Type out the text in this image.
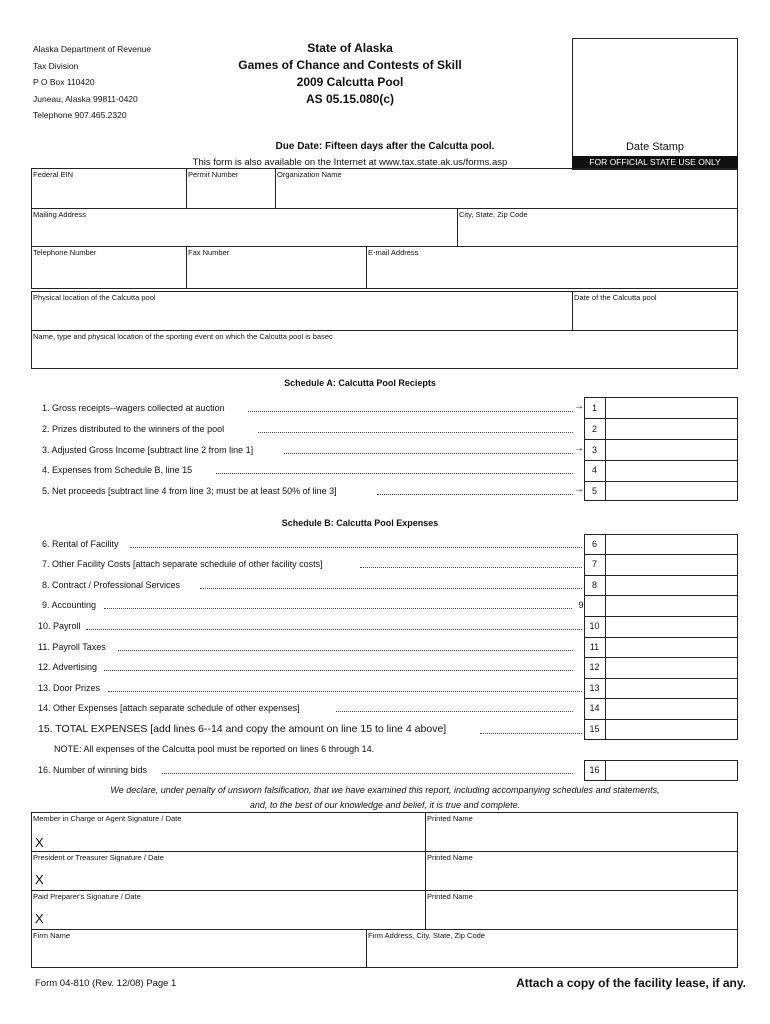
Alaska Department of Revenue
Tax Division
P O Box 110420
Juneau, Alaska 99811-0420
Telephone 907.465.2320
State of Alaska
Games of Chance and Contests of Skill
2009 Calcutta Pool
AS 05.15.080(c)
Date Stamp
FOR OFFICIAL STATE USE ONLY
Due Date: Fifteen days after the Calcutta pool.
This form is also available on the Internet at www.tax.state.ak.us/forms.asp
Federal EIN	Permit Number	Organization Name
Mailing Address	City, State, Zip Code
Telephone Number	Fax Number	E-mail Address
Physical location of the Calcutta pool	Date of the Calcutta pool
Name, type and physical location of the sporting event on which the Calcutta pool is basec
Schedule A: Calcutta Pool Reciepts
1. Gross receipts--wagers collected at auction	→ 1
2. Prizes distributed to the winners of the pool	2
3. Adjusted Gross Income [subtract line 2 from line 1]	→ 3
4. Expenses from Schedule B, line 15	4
5. Net proceeds [subtract line 4 from line 3; must be at least 50% of line 3]	→ 5
Schedule B: Calcutta Pool Expenses
6. Rental of Facility	6
7. Other Facility Costs [attach separate schedule of other facility costs]	7
8. Contract / Professional Services	8
9. Accounting	9
10. Payroll	10
11. Payroll Taxes	11
12. Advertising	12
13. Door Prizes	13
14. Other Expenses [attach separate schedule of other expenses]	14
15. TOTAL EXPENSES [add lines 6--14 and copy the amount on line 15 to line 4 above]	15
NOTE: All expenses of the Calcutta pool must be reported on lines 6 through 14.
16. Number of winning bids	16
We declare, under penalty of unsworn falsification, that we have examined this report, including accompanying schedules and statements,
and, to the best of our knowledge and belief, it is true and complete.
Member in Charge or Agent Signature / Date
X
Printed Name
President or Treasurer Signature / Date
X
Printed Name
Paid Preparer's Signature / Date
X
Printed Name
Firm Name	Firm Address, City, State, Zip Code
Form 04-810 (Rev. 12/08) Page 1	Attach a copy of the facility lease, if any.
